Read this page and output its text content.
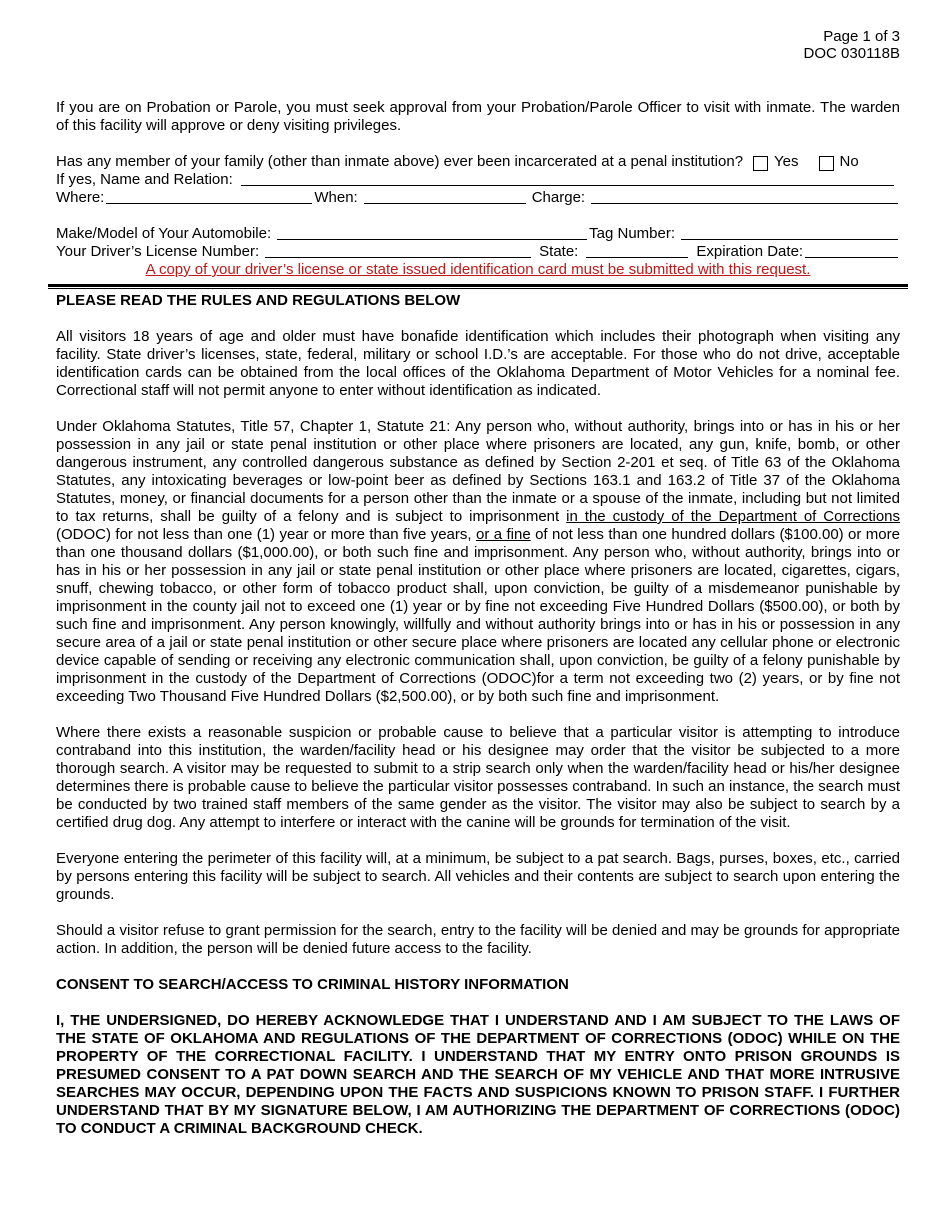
Page 1 of 3
DOC 030118B

If you are on Probation or Parole, you must seek approval from your Probation/Parole Officer to visit with inmate. The warden of this facility will approve or deny visiting privileges.

Has any member of your family (other than inmate above) ever been incarcerated at a penal institution? Yes	No
If yes, Name and Relation:
Where:	When:	Charge:
Make/Model of Your Automobile:	Tag Number:
Your Driver’s License Number:	State:	Expiration Date:
A copy of your driver’s license or state issued identification card must be submitted with this request.
PLEASE READ THE RULES AND REGULATIONS BELOW

All visitors 18 years of age and older must have bonafide identification which includes their photograph when visiting any facility. State driver’s licenses, state, federal, military or school I.D.’s are acceptable. For those who do not drive, acceptable identification cards can be obtained from the local offices of the Oklahoma Department of Motor Vehicles for a nominal fee. Correctional staff will not permit anyone to enter without identification as indicated.

Under Oklahoma Statutes, Title 57, Chapter 1, Statute 21: Any person who, without authority, brings into or has in his or her possession in any jail or state penal institution or other place where prisoners are located, any gun, knife, bomb, or other dangerous instrument, any controlled dangerous substance as defined by Section 2-201 et seq. of Title 63 of the Oklahoma Statutes, any intoxicating beverages or low-point beer as defined by Sections 163.1 and 163.2 of Title 37 of the Oklahoma Statutes, money, or financial documents for a person other than the inmate or a spouse of the inmate, including but not limited to tax returns, shall be guilty of a felony and is subject to imprisonment in the custody of the Department of Corrections (ODOC) for not less than one (1) year or more than five years, or a fine of not less than one hundred dollars ($100.00) or more than one thousand dollars ($1,000.00), or both such fine and imprisonment. Any person who, without authority, brings into or has in his or her possession in any jail or state penal institution or other place where prisoners are located, cigarettes, cigars, snuff, chewing tobacco, or other form of tobacco product shall, upon conviction, be guilty of a misdemeanor punishable by imprisonment in the county jail not to exceed one (1) year or by fine not exceeding Five Hundred Dollars ($500.00), or both by such fine and imprisonment. Any person knowingly, willfully and without authority brings into or has in his or possession in any secure area of a jail or state penal institution or other secure place where prisoners are located any cellular phone or electronic device capable of sending or receiving any electronic communication shall, upon conviction, be guilty of a felony punishable by imprisonment in the custody of the Department of Corrections (ODOC)for a term not exceeding two (2) years, or by fine not exceeding Two Thousand Five Hundred Dollars ($2,500.00), or by both such fine and imprisonment.

Where there exists a reasonable suspicion or probable cause to believe that a particular visitor is attempting to introduce contraband into this institution, the warden/facility head or his designee may order that the visitor be subjected to a more thorough search. A visitor may be requested to submit to a strip search only when the warden/facility head or his/her designee determines there is probable cause to believe the particular visitor possesses contraband. In such an instance, the search must be conducted by two trained staff members of the same gender as the visitor. The visitor may also be subject to search by a certified drug dog. Any attempt to interfere or interact with the canine will be grounds for termination of the visit.

Everyone entering the perimeter of this facility will, at a minimum, be subject to a pat search. Bags, purses, boxes, etc., carried by persons entering this facility will be subject to search. All vehicles and their contents are subject to search upon entering the grounds.

Should a visitor refuse to grant permission for the search, entry to the facility will be denied and may be grounds for appropriate action. In addition, the person will be denied future access to the facility.

CONSENT TO SEARCH/ACCESS TO CRIMINAL HISTORY INFORMATION

I, THE UNDERSIGNED, DO HEREBY ACKNOWLEDGE THAT I UNDERSTAND AND I AM SUBJECT TO THE LAWS OF THE STATE OF OKLAHOMA AND REGULATIONS OF THE DEPARTMENT OF CORRECTIONS (ODOC) WHILE ON THE PROPERTY OF THE CORRECTIONAL FACILITY. I UNDERSTAND THAT MY ENTRY ONTO PRISON GROUNDS IS PRESUMED CONSENT TO A PAT DOWN SEARCH AND THE SEARCH OF MY VEHICLE AND THAT MORE INTRUSIVE SEARCHES MAY OCCUR, DEPENDING UPON THE FACTS AND SUSPICIONS KNOWN TO PRISON STAFF. I FURTHER UNDERSTAND THAT BY MY SIGNATURE BELOW, I AM AUTHORIZING THE DEPARTMENT OF CORRECTIONS (ODOC) TO CONDUCT A CRIMINAL BACKGROUND CHECK.
